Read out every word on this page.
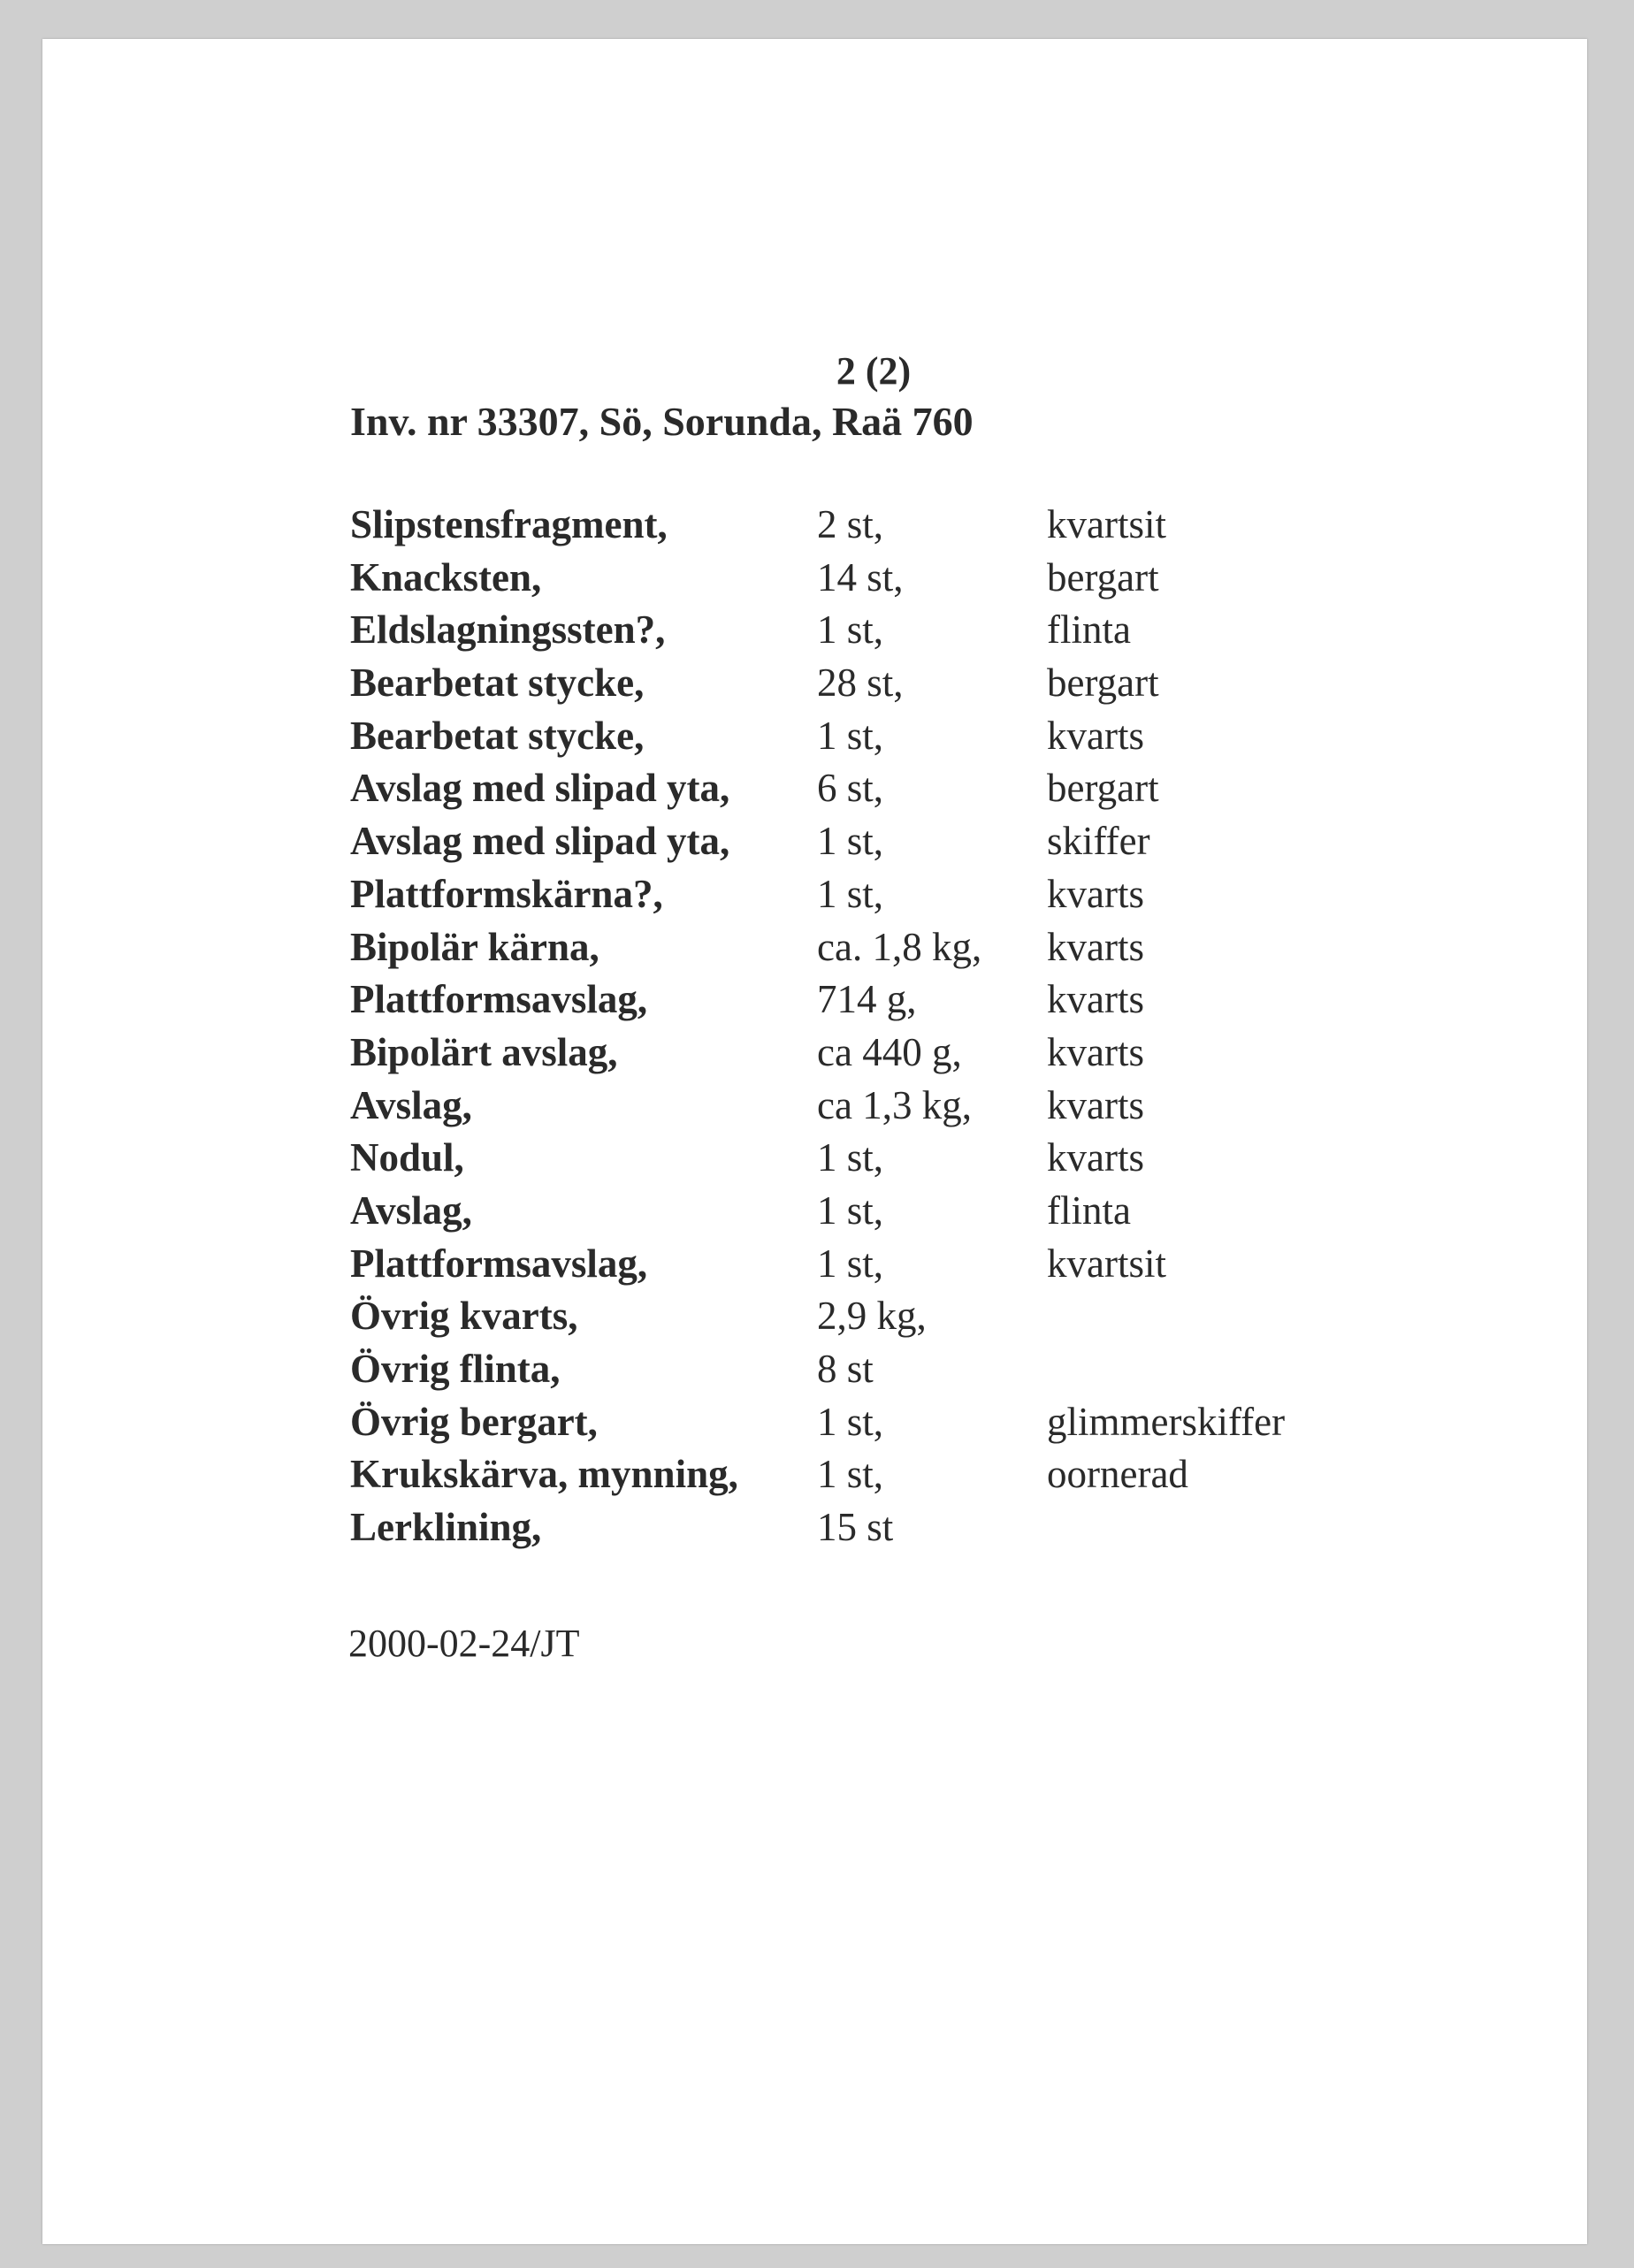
2 (2)
Inv. nr 33307, Sö, Sorunda, Raä 760
Slipstensfragment,	2 st,	kvartsit
Knacksten,	14 st,	bergart
Eldslagningssten?,	1 st,	flinta
Bearbetat stycke,	28 st,	bergart
Bearbetat stycke,	1 st,	kvarts
Avslag med slipad yta, 6 st,	bergart
Avslag med slipad yta, 1 st,	skiffer
Plattformskärna?,	1 st,	kvarts
Bipolär kärna,	ca. 1,8 kg, kvarts
Plattformsavslag,	714 g,	kvarts
Bipolärt avslag,	ca 440 g, kvarts
Avslag,	ca 1,3 kg, kvarts
Nodul,	1 st,	kvarts
Avslag,	1 st,	flinta
Plattformsavslag,	1 st,	kvartsit
Övrig kvarts,	2,9 kg,
Övrig flinta,	8 st
Övrig bergart,	1 st,	glimmerskiffer
Krukskärva, mynning, 1 st,	oornerad
Lerklining,	15 st
2000-02-24/JT
